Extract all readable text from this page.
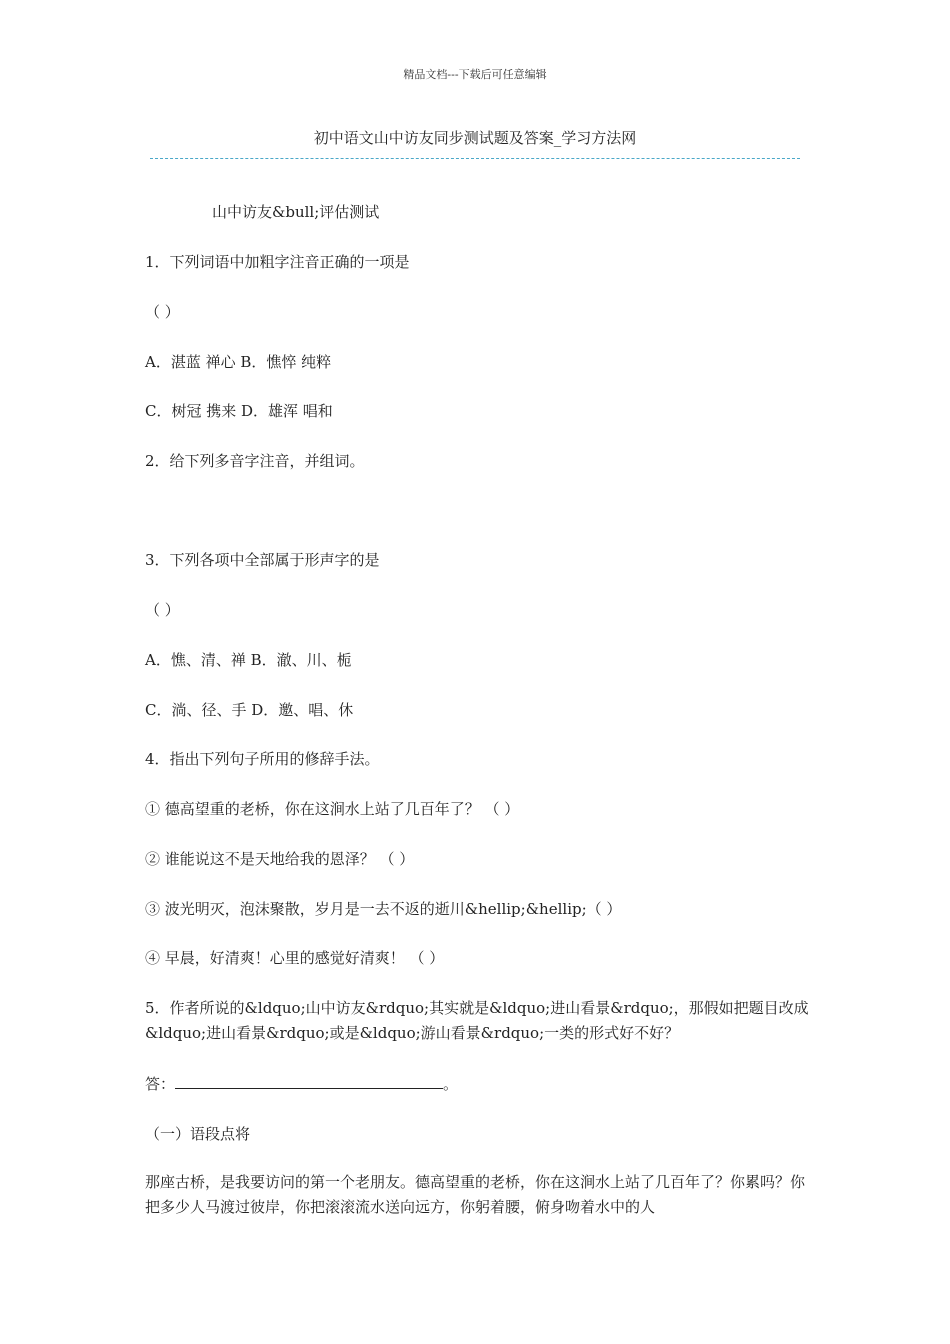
精品文档---下载后可任意编辑
初中语文山中访友同步测试题及答案_学习方法网
山中访友&bull;评估测试
1．下列词语中加粗字注音正确的一项是
（ ）
A．湛蓝 禅心 B．憔悴 纯粹
C．树冠 携来 D．雄浑 唱和
2．给下列多音字注音，并组词。
3．下列各项中全部属于形声字的是
（ ）
A．憔、清、禅 B．澈、川、栀
C．淌、径、手 D．邀、唱、休
4．指出下列句子所用的修辞手法。
① 德高望重的老桥，你在这涧水上站了几百年了？ （ ）
② 谁能说这不是天地给我的恩泽？ （ ）
③ 波光明灭，泡沫聚散，岁月是一去不返的逝川&hellip;&hellip;（ ）
④ 早晨，好清爽！心里的感觉好清爽！ （ ）
5．作者所说的&ldquo;山中访友&rdquo;其实就是&ldquo;进山看景&rdquo;，那假如把题目改成&ldquo;进山看景&rdquo;或是&ldquo;游山看景&rdquo;一类的形式好不好？
答：	。
（一）语段点将
那座古桥，是我要访问的第一个老朋友。德高望重的老桥，你在这涧水上站了几百年了？你累吗？你把多少人马渡过彼岸，你把滚滚流水送向远方，你躬着腰，俯身吻着水中的人
